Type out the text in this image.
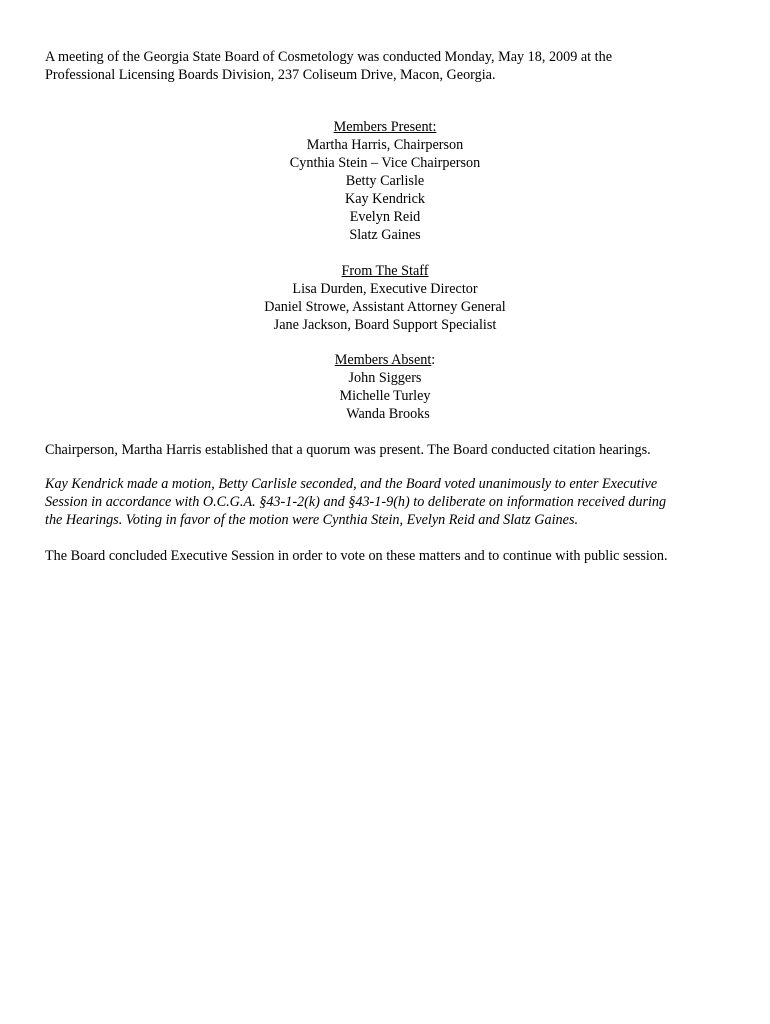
A meeting of the Georgia State Board of Cosmetology was conducted Monday, May 18, 2009 at the
Professional Licensing Boards Division, 237 Coliseum Drive, Macon, Georgia.

Members Present:
Martha Harris, Chairperson
Cynthia Stein – Vice Chairperson
Betty Carlisle
Kay Kendrick
Evelyn Reid
Slatz Gaines
From The Staff
Lisa Durden, Executive Director
Daniel Strowe, Assistant Attorney General
Jane Jackson, Board Support Specialist
Members Absent:
John Siggers
Michelle Turley
Wanda Brooks

Chairperson, Martha Harris established that a quorum was present. The Board conducted citation hearings.

Kay Kendrick made a motion, Betty Carlisle seconded, and the Board voted unanimously to enter Executive
Session in accordance with O.C.G.A. §43-1-2(k) and §43-1-9(h) to deliberate on information received during
the Hearings. Voting in favor of the motion were Cynthia Stein, Evelyn Reid and Slatz Gaines.

The Board concluded Executive Session in order to vote on these matters and to continue with public session.
